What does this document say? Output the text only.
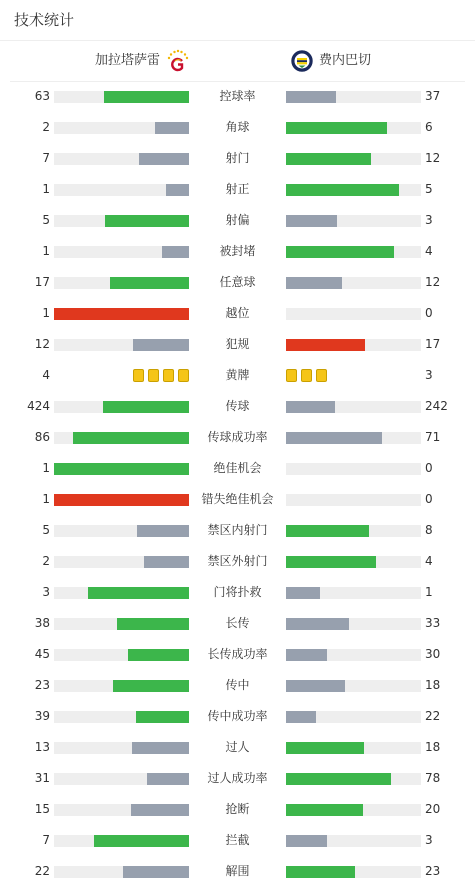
技术统计
加拉塔萨雷	费内巴切
63	控球率	37
2	角球	6
7	射门	12
1	射正	5
5	射偏	3
1	被封堵	4
17	任意球	12
1	越位	0
12	犯规	17
4	黄牌	3
424	传球	242
86	传球成功率	71
1	绝佳机会	0
1	错失绝佳机会	0
5	禁区内射门	8
2	禁区外射门	4
3	门将扑救	1
38	长传	33
45	长传成功率	30
23	传中	18
39	传中成功率	22
13	过人	18
31	过人成功率	78
15	抢断	20
7	拦截	3
22	解围	23
